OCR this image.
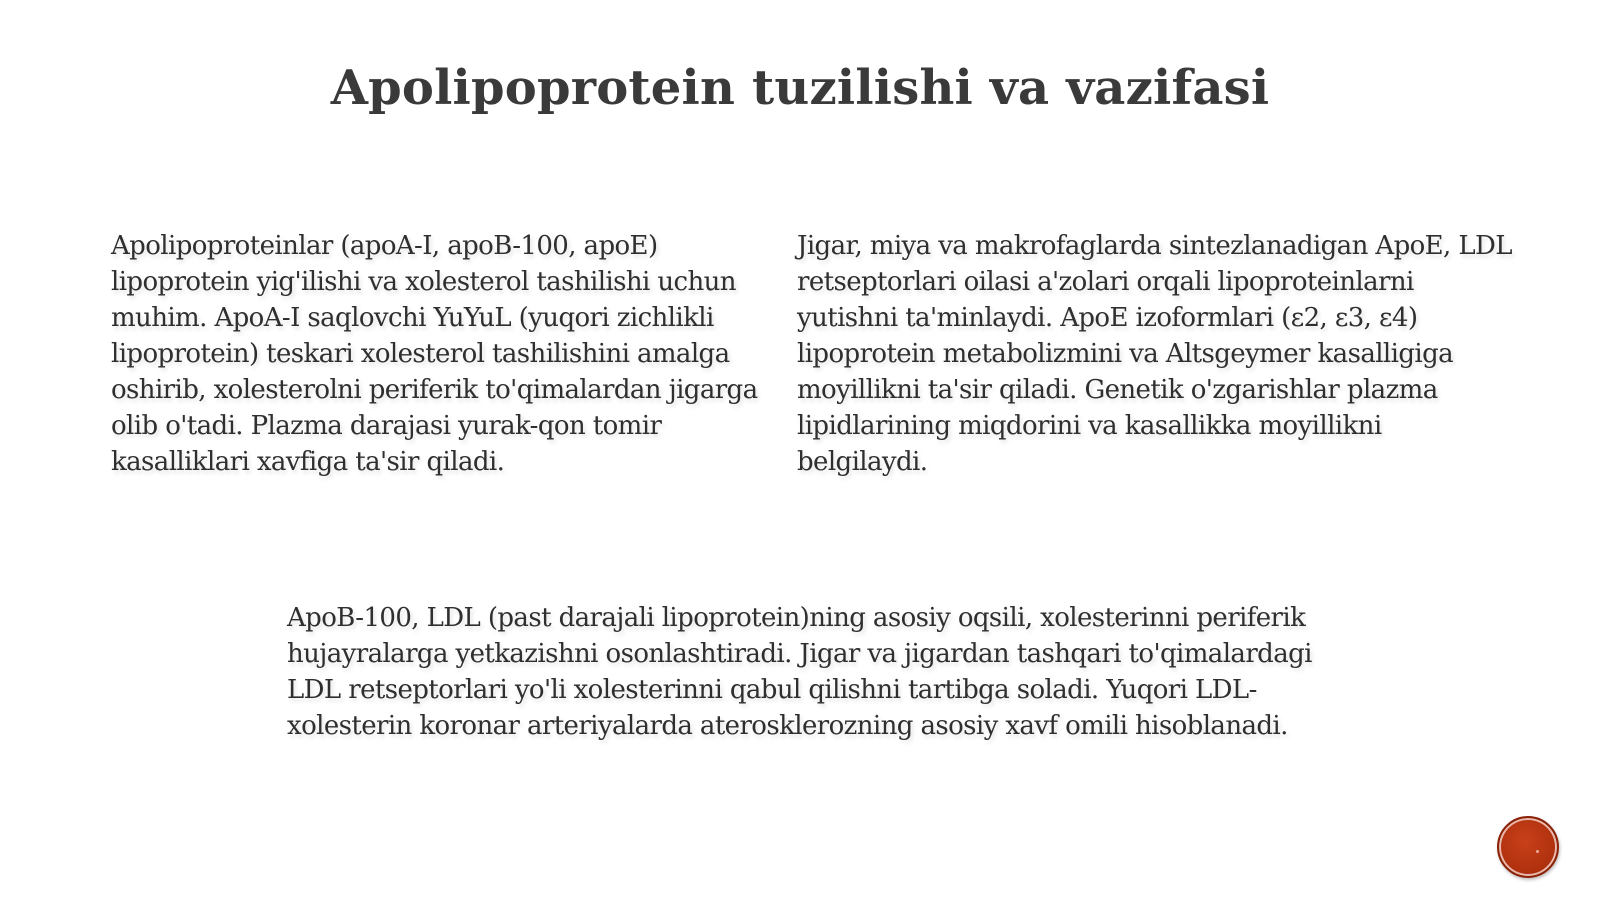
Apolipoprotein tuzilishi va vazifasi

Apolipoproteinlar (apoA-I, apoB-100, apoE) lipoprotein yig'ilishi va xolesterol tashilishi uchun muhim. ApoA-I saqlovchi YuYuL (yuqori zichlikli lipoprotein) teskari xolesterol tashilishini amalga oshirib, xolesterolni periferik to'qimalardan jigarga olib o'tadi. Plazma darajasi yurak-qon tomir kasalliklari xavfiga ta'sir qiladi.

Jigar, miya va makrofaglarda sintezlanadigan ApoE, LDL retseptorlari oilasi a'zolari orqali lipoproteinlarni yutishni ta'minlaydi. ApoE izoformlari (ε2, ε3, ε4) lipoprotein metabolizmini va Altsgeymer kasalligiga moyillikni ta'sir qiladi. Genetik o'zgarishlar plazma lipidlarining miqdorini va kasallikka moyillikni belgilaydi.

ApoB-100, LDL (past darajali lipoprotein)ning asosiy oqsili, xolesterinni periferik hujayralarga yetkazishni osonlashtiradi. Jigar va jigardan tashqari to'qimalardagi LDL retseptorlari yo'li xolesterinni qabul qilishni tartibga soladi. Yuqori LDL-xolesterin koronar arteriyalarda aterosklerozning asosiy xavf omili hisoblanadi.
